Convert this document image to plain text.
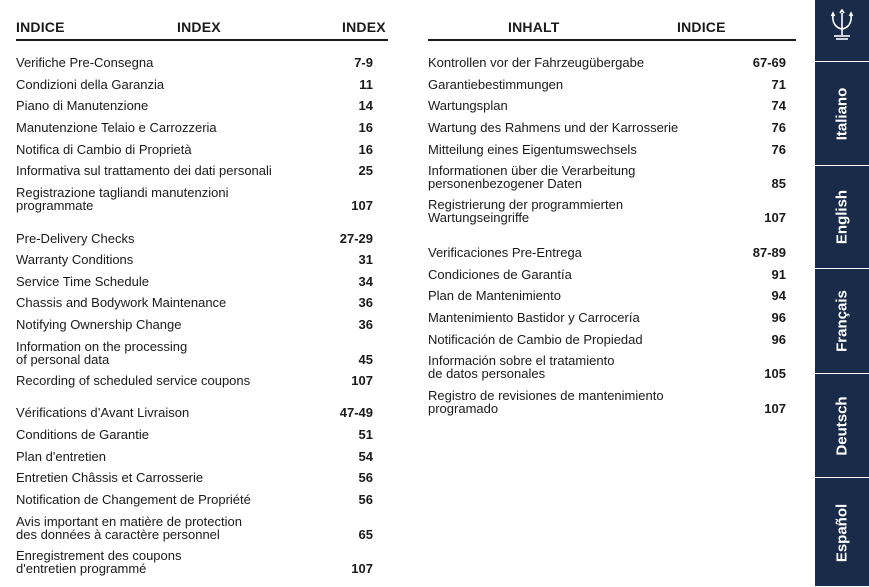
INDICE	INDEX	INDEX	INHALT	INDICE
Verifiche Pre-Consegna	7-9
Condizioni della Garanzia	11
Piano di Manutenzione	14
Manutenzione Telaio e Carrozzeria	16
Notifica di Cambio di Proprietà	16
Informativa sul trattamento dei dati personali	25
Registrazione tagliandi manutenzioni
programmate	107
Pre-Delivery Checks	27-29
Warranty Conditions	31
Service Time Schedule	34
Chassis and Bodywork Maintenance	36
Notifying Ownership Change	36
Information on the processing
of personal data	45
Recording of scheduled service coupons	107
Vérifications d’Avant Livraison	47-49
Conditions de Garantie	51
Plan d'entretien	54
Entretien Châssis et Carrosserie	56
Notification de Changement de Propriété	56
Avis important en matière de protection
des données à caractère personnel	65
Enregistrement des coupons
d'entretien programmé	107
Kontrollen vor der Fahrzeugübergabe	67-69
Garantiebestimmungen	71
Wartungsplan	74
Wartung des Rahmens und der Karrosserie	76
Mitteilung eines Eigentumswechsels	76
Informationen über die Verarbeitung
personenbezogener Daten	85
Registrierung der programmierten
Wartungseingriffe	107
Verificaciones Pre-Entrega	87-89
Condiciones de Garantía	91
Plan de Mantenimiento	94
Mantenimiento Bastidor y Carrocería	96
Notificación de Cambio de Propiedad	96
Información sobre el tratamiento
de datos personales	105
Registro de revisiones de mantenimiento
programado	107
Italiano
English
Français
Deutsch
Español
